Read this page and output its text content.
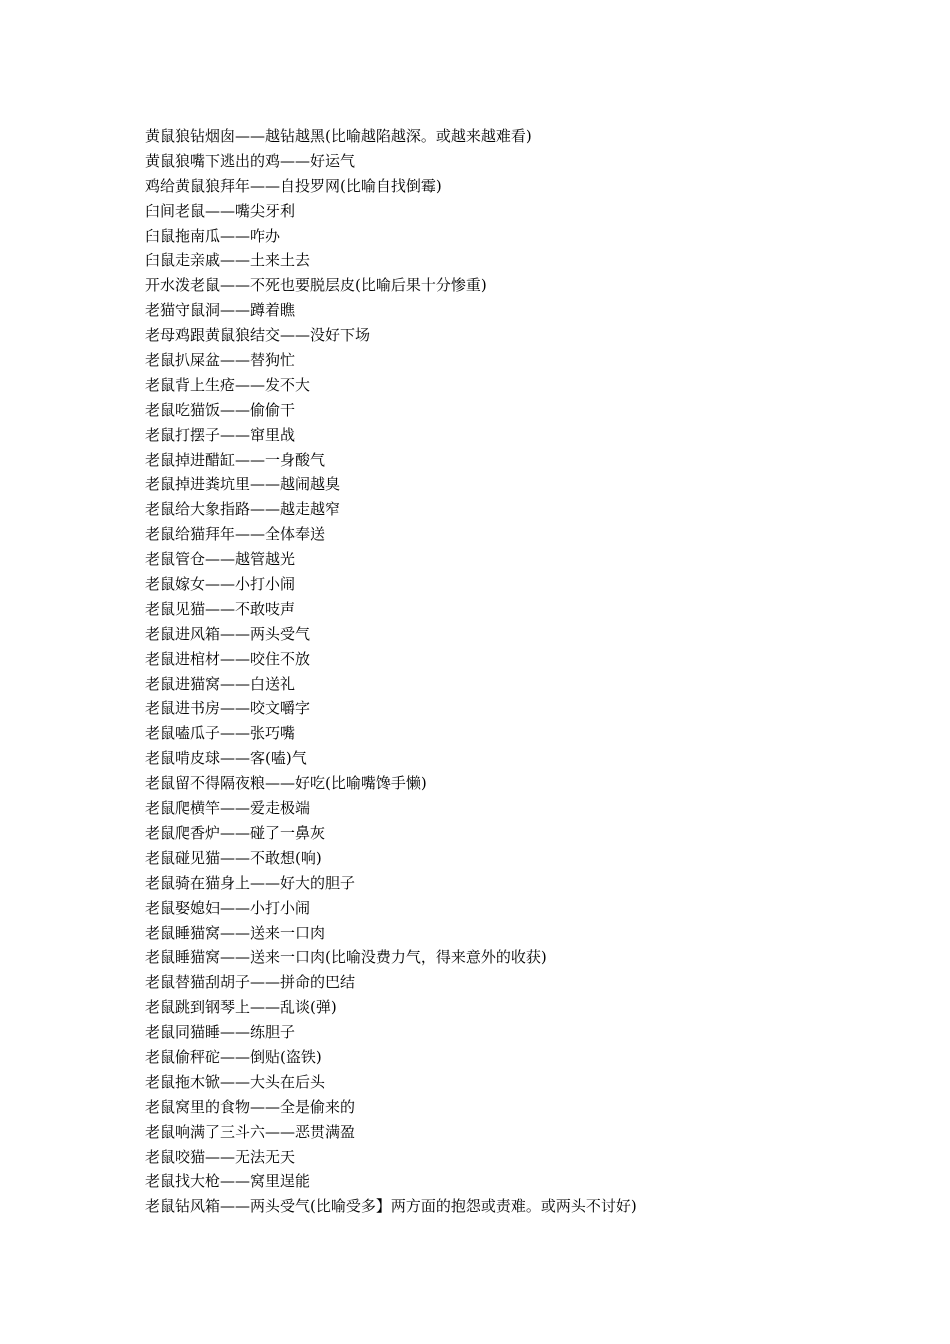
黄鼠狼钻烟囱——越钻越黑(比喻越陷越深。或越来越难看)
黄鼠狼嘴下逃出的鸡——好运气
鸡给黄鼠狼拜年——自投罗网(比喻自找倒霉)
臼间老鼠——嘴尖牙利
臼鼠拖南瓜——咋办
臼鼠走亲戚——土来土去
开水泼老鼠——不死也要脱层皮(比喻后果十分惨重)
老猫守鼠洞——蹲着瞧
老母鸡跟黄鼠狼结交——没好下场
老鼠扒屎盆——替狗忙
老鼠背上生疮——发不大
老鼠吃猫饭——偷偷干
老鼠打摆子——窜里战
老鼠掉进醋缸——一身酸气
老鼠掉进粪坑里——越闹越臭
老鼠给大象指路——越走越窄
老鼠给猫拜年——全体奉送
老鼠管仓——越管越光
老鼠嫁女——小打小闹
老鼠见猫——不敢吱声
老鼠进风箱——两头受气
老鼠进棺材——咬住不放
老鼠进猫窝——白送礼
老鼠进书房——咬文嚼字
老鼠嗑瓜子——张巧嘴
老鼠啃皮球——客(嗑)气
老鼠留不得隔夜粮——好吃(比喻嘴馋手懒)
老鼠爬横竿——爱走极端
老鼠爬香炉——碰了一鼻灰
老鼠碰见猫——不敢想(响)
老鼠骑在猫身上——好大的胆子
老鼠娶媳妇——小打小闹
老鼠睡猫窝——送来一口肉
老鼠睡猫窝——送来一口肉(比喻没费力气，得来意外的收获)
老鼠替猫刮胡子——拼命的巴结
老鼠跳到钢琴上——乱谈(弹)
老鼠同猫睡——练胆子
老鼠偷秤砣——倒贴(盗铁)
老鼠拖木锨——大头在后头
老鼠窝里的食物——全是偷来的
老鼠响满了三斗六——恶贯满盈
老鼠咬猫——无法无天
老鼠找大枪——窝里逞能
老鼠钻风箱——两头受气(比喻受多】两方面的抱怨或责难。或两头不讨好)
